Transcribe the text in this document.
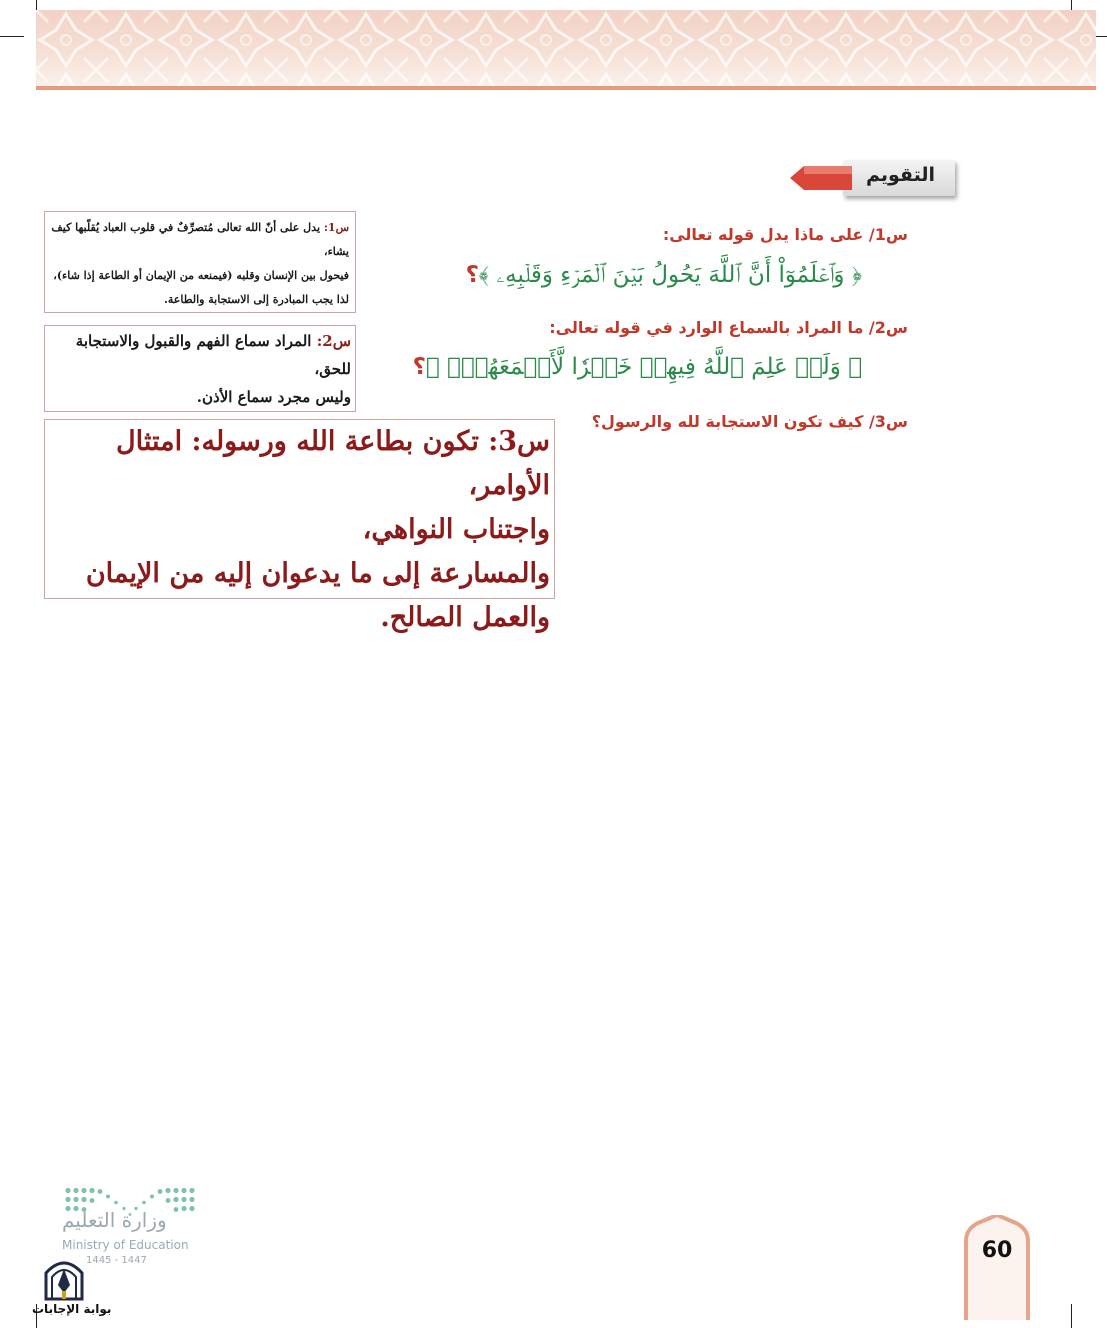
التقويم
س1/ على ماذا يدل قوله تعالى:
﴿ وَٱعۡلَمُوٓاْ أَنَّ ٱللَّهَ يَحُولُ بَيۡنَ ٱلۡمَرۡءِ وَقَلۡبِهِۦ ﴾؟
س2/ ما المراد بالسماع الوارد في قوله تعالى:
﴿ وَلَوۡ عَلِمَ ٱللَّهُ فِيهِمۡ خَيۡرٗا لَّأَسۡمَعَهُمۡۖ ﴾؟
س3/ كيف تكون الاستجابة لله والرسول؟
س1: يدل على أنّ الله تعالى مُتصرِّفٌ في قلوب العباد يُقلّبها كيف يشاء،
فيحول بين الإنسان وقلبه (فيمنعه من الإيمان أو الطاعة إذا شاء)،
لذا يجب المبادرة إلى الاستجابة والطاعة.
س2: المراد سماع الفهم والقبول والاستجابة للحق،
وليس مجرد سماع الأذن.
س3: تكون بطاعة الله ورسوله: امتثال الأوامر،
واجتناب النواهي،
والمسارعة إلى ما يدعوان إليه من الإيمان والعمل الصالح.
وزارة التعليم
Ministry of Education
1445 - 1447
بوابة الإجابات
60
